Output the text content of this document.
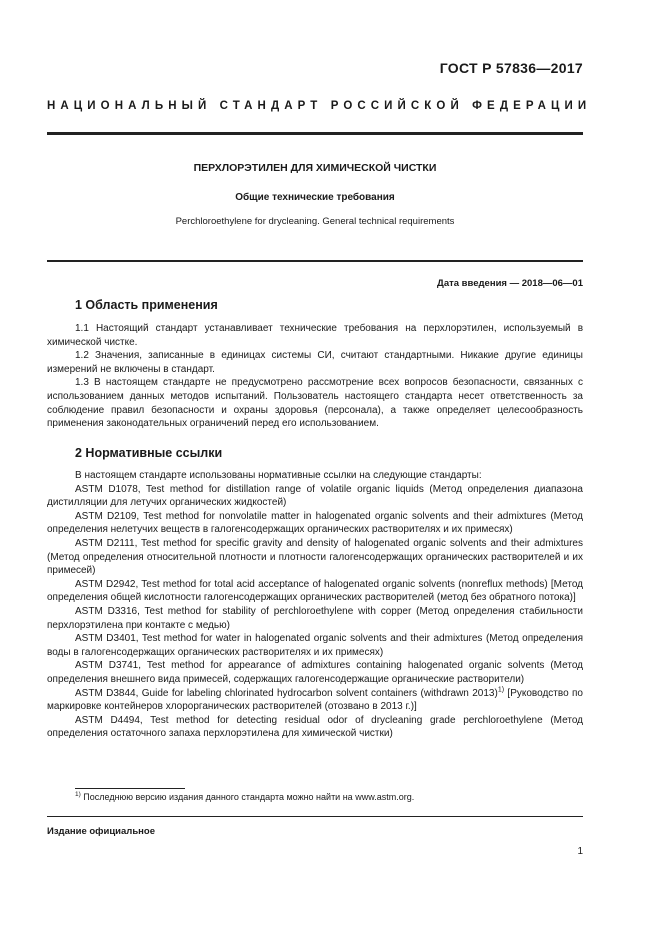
ГОСТ Р 57836—2017
НАЦИОНАЛЬНЫЙ СТАНДАРТ РОССИЙСКОЙ ФЕДЕРАЦИИ
ПЕРХЛОРЭТИЛЕН ДЛЯ ХИМИЧЕСКОЙ ЧИСТКИ
Общие технические требования
Perchloroethylene for drycleaning. General technical requirements
Дата введения — 2018—06—01
1 Область применения

1.1 Настоящий стандарт устанавливает технические требования на перхлорэтилен, используемый в химической чистке.

1.2 Значения, записанные в единицах системы СИ, считают стандартными. Никакие другие единицы измерений не включены в стандарт.

1.3 В настоящем стандарте не предусмотрено рассмотрение всех вопросов безопасности, связанных с использованием данных методов испытаний. Пользователь настоящего стандарта несет ответственность за соблюдение правил безопасности и охраны здоровья (персонала), а также определяет целесообразность применения законодательных ограничений перед его использованием.

2 Нормативные ссылки

В настоящем стандарте использованы нормативные ссылки на следующие стандарты:

ASTM D1078, Test method for distillation range of volatile organic liquids (Метод определения диапазона дистилляции для летучих органических жидкостей)

ASTM D2109, Test method for nonvolatile matter in halogenated organic solvents and their admixtures (Метод определения нелетучих веществ в галогенсодержащих органических растворителях и их примесях)

ASTM D2111, Test method for specific gravity and density of halogenated organic solvents and their admixtures (Метод определения относительной плотности и плотности галогенсодержащих органических растворителей и их примесей)

ASTM D2942, Test method for total acid acceptance of halogenated organic solvents (nonreflux methods) [Метод определения общей кислотности галогенсодержащих органических растворителей (метод без обратного потока)]

ASTM D3316, Test method for stability of perchloroethylene with copper (Метод определения стабильности перхлорэтилена при контакте с медью)

ASTM D3401, Test method for water in halogenated organic solvents and their admixtures (Метод определения воды в галогенсодержащих органических растворителях и их примесях)

ASTM D3741, Test method for appearance of admixtures containing halogenated organic solvents (Метод определения внешнего вида примесей, содержащих галогенсодержащие органические растворители)

ASTM D3844, Guide for labeling chlorinated hydrocarbon solvent containers (withdrawn 2013)$^{1)}$ [Руководство по маркировке контейнеров хлорорганических растворителей (отозвано в 2013 г.)]

ASTM D4494, Test method for detecting residual odor of drycleaning grade perchloroethylene (Метод определения остаточного запаха перхлорэтилена для химической чистки)

$^{1)}$ Последнюю версию издания данного стандарта можно найти на www.astm.org.
Издание официальное
1
